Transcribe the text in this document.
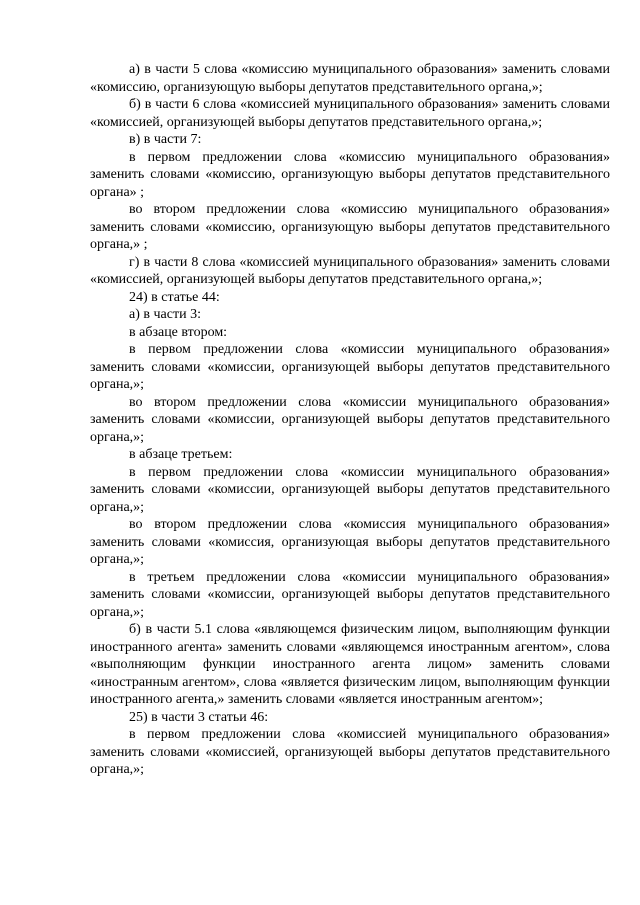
а) в части 5 слова «комиссию муниципального образования» заменить словами «комиссию, организующую выборы депутатов представительного органа,»;

б) в части 6 слова «комиссией муниципального образования» заменить словами «комиссией, организующей выборы депутатов представительного органа,»;

в) в части 7:

в первом предложении слова «комиссию муниципального образования» заменить словами «комиссию, организующую выборы депутатов представительного органа» ;

во втором предложении слова «комиссию муниципального образования» заменить словами «комиссию, организующую выборы депутатов представительного органа,» ;

г) в части 8 слова «комиссией муниципального образования» заменить словами «комиссией, организующей выборы депутатов представительного органа,»;

24) в статье 44:

а) в части 3:

в абзаце втором:

в первом предложении слова «комиссии муниципального образования» заменить словами «комиссии, организующей выборы депутатов представительного органа,»;

во втором предложении слова «комиссии муниципального образования» заменить словами «комиссии, организующей выборы депутатов представительного органа,»;

в абзаце третьем:

в первом предложении слова «комиссии муниципального образования» заменить словами «комиссии, организующей выборы депутатов представительного органа,»;

во втором предложении слова «комиссия муниципального образования» заменить словами «комиссия, организующая выборы депутатов представительного органа,»;

в третьем предложении слова «комиссии муниципального образования» заменить словами «комиссии, организующей выборы депутатов представительного органа,»;

б) в части 5.1 слова «являющемся физическим лицом, выполняющим функции иностранного агента» заменить словами «являющемся иностранным агентом», слова «выполняющим функции иностранного агента лицом» заменить словами «иностранным агентом», слова «является физическим лицом, выполняющим функции иностранного агента,» заменить словами «является иностранным агентом»;

25) в части 3 статьи 46:

в первом предложении слова «комиссией муниципального образования» заменить словами «комиссией, организующей выборы депутатов представительного органа,»;
